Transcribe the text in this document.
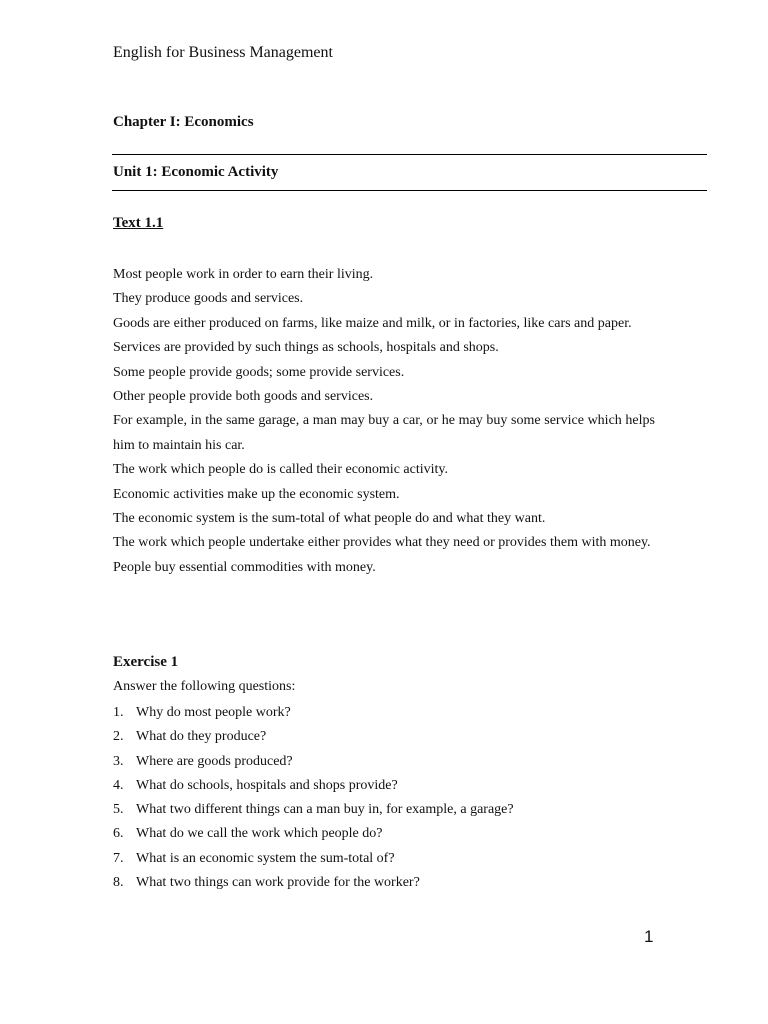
English for Business Management
Chapter I: Economics
Unit 1: Economic Activity
Text 1.1

Most people work in order to earn their living.

They produce goods and services.

Goods are either produced on farms, like maize and milk, or in factories, like cars and paper.

Services are provided by such things as schools, hospitals and shops.

Some people provide goods; some provide services.

Other people provide both goods and services.

For example, in the same garage, a man may buy a car, or he may buy some service which helps him to maintain his car.

The work which people do is called their economic activity.

Economic activities make up the economic system.

The economic system is the sum-total of what people do and what they want.

The work which people undertake either provides what they need or provides them with money.

People buy essential commodities with money.

Exercise 1
Answer the following questions:
1. Why do most people work?
2. What do they produce?
3. Where are goods produced?
4. What do schools, hospitals and shops provide?
5. What two different things can a man buy in, for example, a garage?
6. What do we call the work which people do?
7. What is an economic system the sum-total of?
8. What two things can work provide for the worker?
1
